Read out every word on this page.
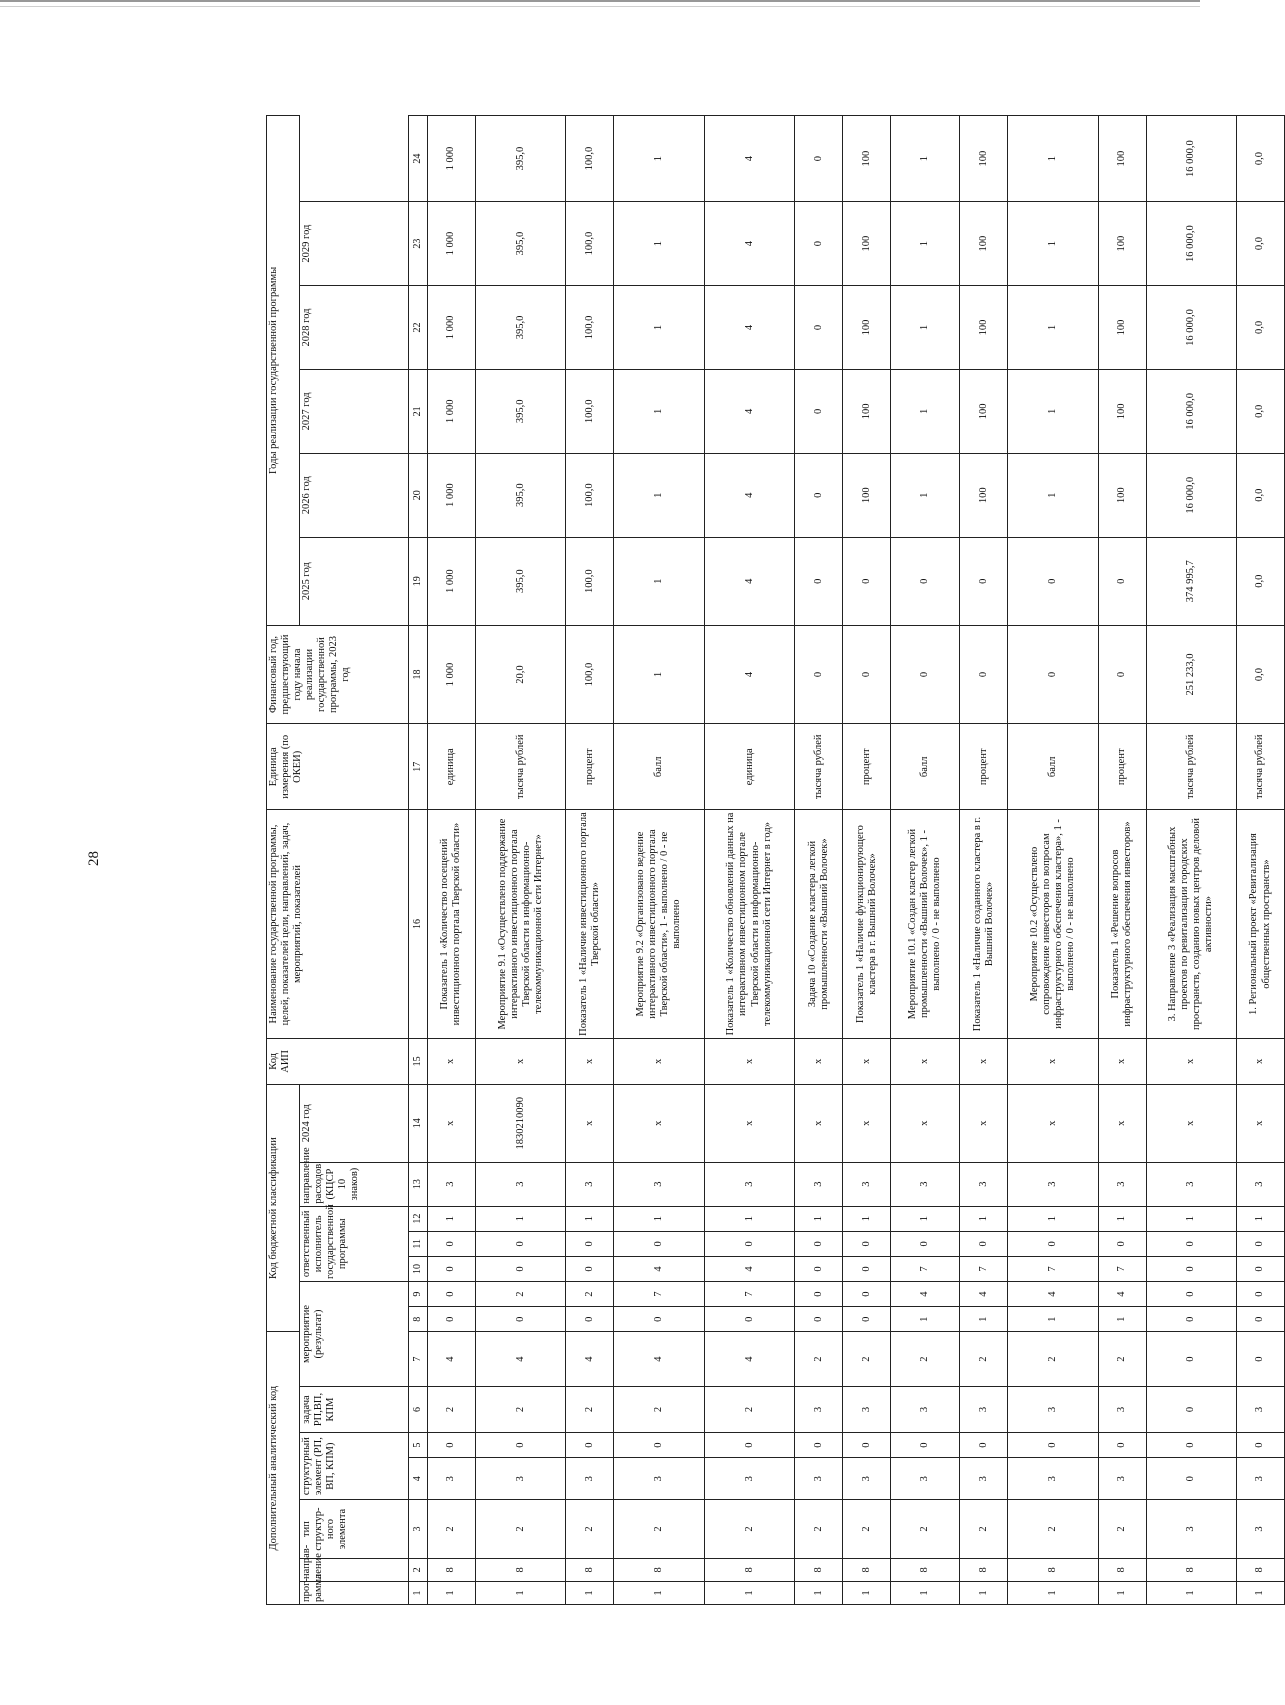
28
Дополнительный аналитический код							Код бюджетной классификации							Код АИП	Наименование государственной программы, целей, показателей цели, направлений, задач, мероприятий, показателей	Единица измерения (по ОКЕИ)	Финансовый год, предшествующий году начала реализации государственной программы, 2023 год	Годы реализации государственной программы					
прог-рамма	направ-ление	тип структур-ного элемента	структурный элемент (РП, ВП, КПМ)		задача РП,ВП, КПМ	мероприятие (результат)			ответственный исполнитель государственной программы			направление расходов (КЦСР 10 знаков)	2024 год					2025 год	2026 год	2027 год	2028 год	2029 год	

1	2	3	4	5	6	7	8	9	10	11	12	13	14	15	16	17	18	19	20	21	22	23	24
1	8	2	3	0	2	4	0	0	0	0	1	3	x	x	Показатель 1 «Количество посещений инвестиционного портала Тверской области»	единица	1 000	1 000	1 000	1 000	1 000	1 000	1 000
1	8	2	3	0	2	4	0	2	0	0	1	3	1830210090	x	Мероприятие 9.1 «Осуществлено поддержание интерактивного инвестиционного портала Тверской области в информационно-телекоммуникационной сети Интернет»	тысяча рублей	20,0	395,0	395,0	395,0	395,0	395,0	395,0
1	8	2	3	0	2	4	0	2	0	0	1	3	x	x	Показатель 1 «Наличие инвестиционного портала Тверской области»	процент	100,0	100,0	100,0	100,0	100,0	100,0	100,0
1	8	2	3	0	2	4	0	7	4	0	1	3	x	x	Мероприятие 9.2 «Организовано ведение интерактивного инвестиционного портала Тверской области», 1 - выполнено / 0 - не выполнено	балл	1	1	1	1	1	1	1
1	8	2	3	0	2	4	0	7	4	0	1	3	x	x	Показатель 1 «Количество обновлений данных на интерактивном инвестиционном портале Тверской области в информационно-телекоммуникационной сети Интернет в год»	единица	4	4	4	4	4	4	4
1	8	2	3	0	3	2	0	0	0	0	1	3	x	x	Задача 10 «Создание кластера легкой промышленности «Вышний Волочек»	тысяча рублей	0	0	0	0	0	0	0
1	8	2	3	0	3	2	0	0	0	0	1	3	x	x	Показатель 1 «Наличие функционирующего кластера в г. Вышний Волочек»	процент	0	0	100	100	100	100	100
1	8	2	3	0	3	2	1	4	7	0	1	3	x	x	Мероприятие 10.1 «Создан кластер легкой промышленности «Вышний Волочек», 1 - выполнено / 0 - не выполнено	балл	0	0	1	1	1	1	1
1	8	2	3	0	3	2	1	4	7	0	1	3	x	x	Показатель 1 «Наличие созданного кластера в г. Вышний Волочек»	процент	0	0	100	100	100	100	100
1	8	2	3	0	3	2	1	4	7	0	1	3	x	x	Мероприятие 10.2 «Осуществлено сопровождение инвесторов по вопросам инфраструктурного обеспечения кластера», 1 - выполнено / 0 - не выполнено	балл	0	0	1	1	1	1	1
1	8	2	3	0	3	2	1	4	7	0	1	3	x	x	Показатель 1 «Решение вопросов инфраструктурного обеспечения инвесторов»	процент	0	0	100	100	100	100	100
1	8	3	0	0	0	0	0	0	0	0	1	3	x	x	3. Направление 3 «Реализация масштабных проектов по ревитализации городских пространств, созданию новых центров деловой активности»	тысяча рублей	251 233,0	374 995,7	16 000,0	16 000,0	16 000,0	16 000,0	16 000,0
1	8	3	3	0	3	0	0	0	0	0	1	3	x	x	1. Региональный проект «Ревитализация общественных пространств»	тысяча рублей	0,0	0,0	0,0	0,0	0,0	0,0	0,0
